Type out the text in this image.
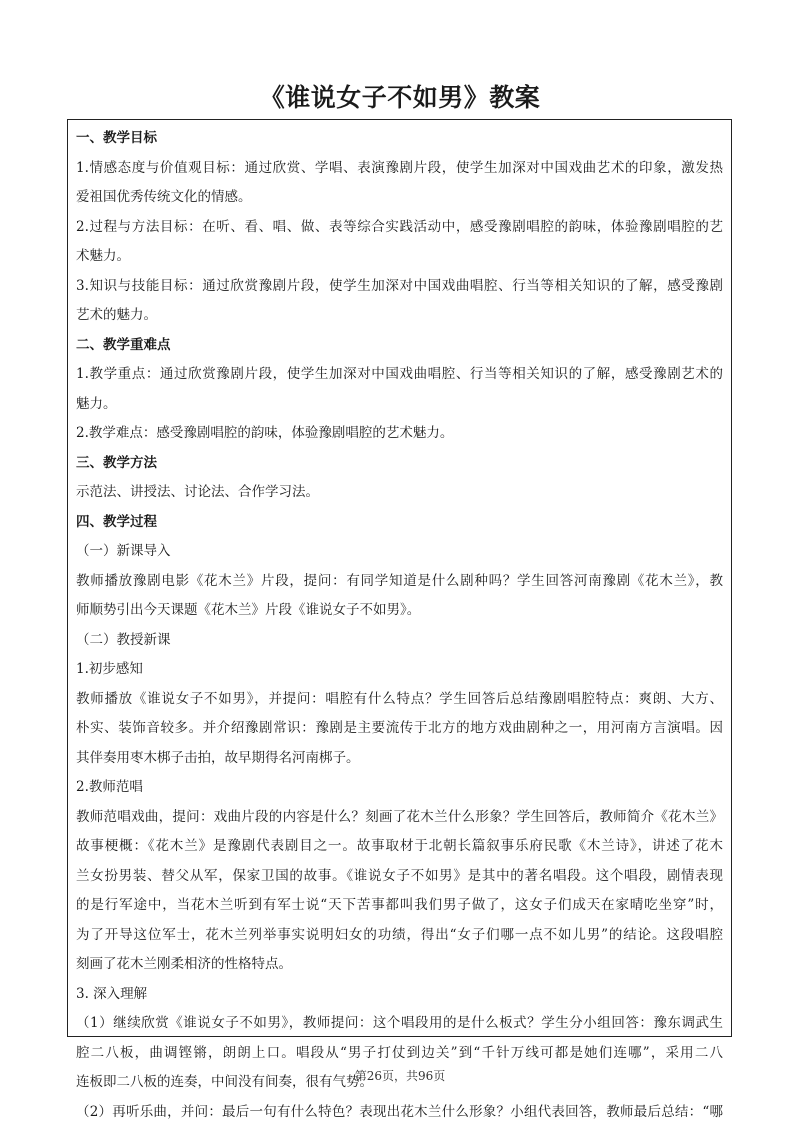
《谁说女子不如男》教案
一、教学目标
1.情感态度与价值观目标：通过欣赏、学唱、表演豫剧片段，使学生加深对中国戏曲艺术的印象，激发热
爱祖国优秀传统文化的情感。
2.过程与方法目标：在听、看、唱、做、表等综合实践活动中，感受豫剧唱腔的韵味，体验豫剧唱腔的艺
术魅力。
3.知识与技能目标：通过欣赏豫剧片段，使学生加深对中国戏曲唱腔、行当等相关知识的了解，感受豫剧
艺术的魅力。
二、教学重难点
1.教学重点：通过欣赏豫剧片段，使学生加深对中国戏曲唱腔、行当等相关知识的了解，感受豫剧艺术的
魅力。
2.教学难点：感受豫剧唱腔的韵味，体验豫剧唱腔的艺术魅力。
三、教学方法
示范法、讲授法、讨论法、合作学习法。
四、教学过程
（一）新课导入
教师播放豫剧电影《花木兰》片段，提问：有同学知道是什么剧种吗？学生回答河南豫剧《花木兰》，教
师顺势引出今天课题《花木兰》片段《谁说女子不如男》。
（二）教授新课
1.初步感知
教师播放《谁说女子不如男》，并提问：唱腔有什么特点？学生回答后总结豫剧唱腔特点：爽朗、大方、
朴实、装饰音较多。并介绍豫剧常识：豫剧是主要流传于北方的地方戏曲剧种之一，用河南方言演唱。因
其伴奏用枣木梆子击拍，故早期得名河南梆子。
2.教师范唱
教师范唱戏曲，提问：戏曲片段的内容是什么？刻画了花木兰什么形象？学生回答后，教师简介《花木兰》
故事梗概：《花木兰》是豫剧代表剧目之一。故事取材于北朝长篇叙事乐府民歌《木兰诗》，讲述了花木
兰女扮男装、替父从军，保家卫国的故事。《谁说女子不如男》是其中的著名唱段。这个唱段，剧情表现
的是行军途中，当花木兰听到有军士说“天下苦事都叫我们男子做了，这女子们成天在家晴吃坐穿”时，
为了开导这位军士，花木兰列举事实说明妇女的功绩，得出“女子们哪一点不如儿男”的结论。这段唱腔
刻画了花木兰刚柔相济的性格特点。
3. 深入理解
（1）继续欣赏《谁说女子不如男》，教师提问：这个唱段用的是什么板式？学生分小组回答：豫东调武生
腔二八板，曲调铿锵，朗朗上口。唱段从“男子打仗到边关”到“千针万线可都是她们连哪”，采用二八
连板即二八板的连奏，中间没有间奏，很有气势。
（2）再听乐曲，并问：最后一句有什么特色？表现出花木兰什么形象？小组代表回答，教师最后总结：“哪
第26页，共96页
